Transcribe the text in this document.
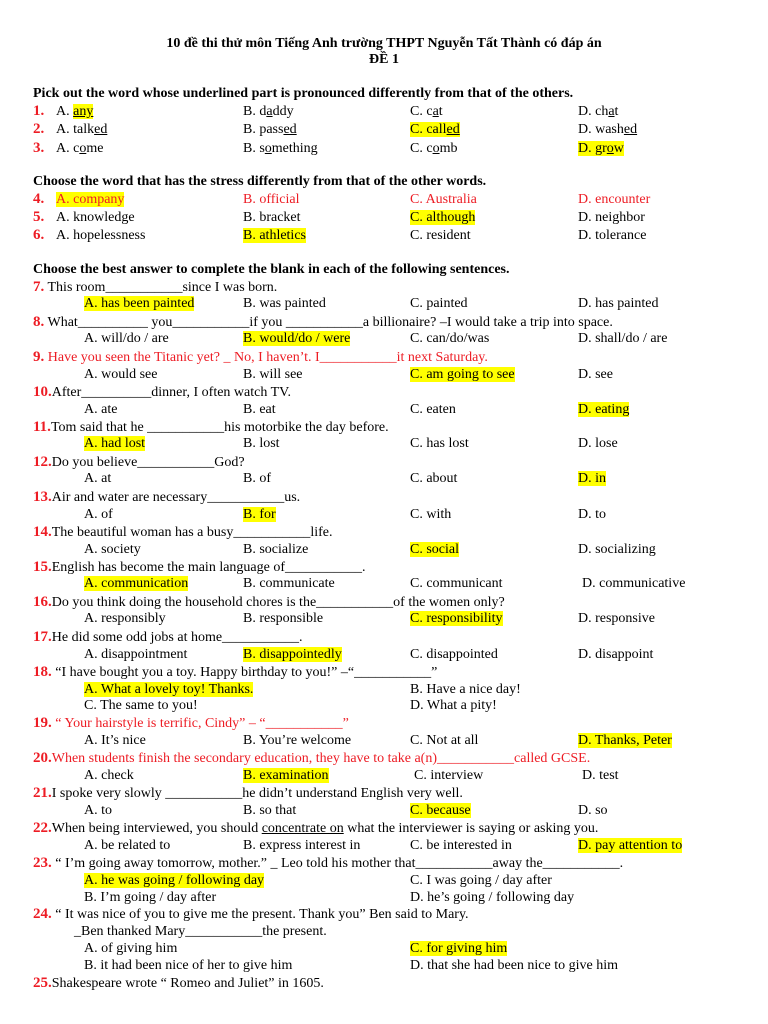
10 đề thi thử môn Tiếng Anh trường THPT Nguyễn Tất Thành có đáp án
ĐỀ 1
Pick out the word whose underlined part is pronounced differently from that of the others.
1. A. any	B. daddy	C. cat	D. chat
2. A. talked	B. passed	C. called	D. washed
3. A. come	B. something	C. comb	D. grow
Choose the word that has the stress differently from that of the other words.
4. A. company	B. official	C. Australia	D. encounter
5. A. knowledge	B. bracket	C. although	D. neighbor
6. A. hopelessness	B. athletics	C. resident	D. tolerance
Choose the best answer to complete the blank in each of the following sentences.
7. This room___________since I was born.
A. has been painted	B. was painted	C. painted	D. has painted
8. What__________ you___________if you ___________a billionaire? –I would take a trip into space.
A. will/do / are	B. would/do / were	C. can/do/was	D. shall/do / are
9. Have you seen the Titanic yet? _ No, I haven’t. I___________it next Saturday.
A. would see	B. will see	C. am going to see	D. see
10.After__________dinner, I often watch TV.
A. ate	B. eat	C. eaten	D. eating
11.Tom said that he ___________his motorbike the day before.
A. had lost	B. lost	C. has lost	D. lose
12.Do you believe___________God?
A. at	B. of	C. about	D. in
13.Air and water are necessary___________us.
A. of	B. for	C. with	D. to
14.The beautiful woman has a busy___________life.
A. society	B. socialize	C. social	D. socializing
15.English has become the main language of___________.
A. communication	B. communicate	C. communicant	D. communicative
16.Do you think doing the household chores is the___________of the women only?
A. responsibly	B. responsible	C. responsibility	D. responsive
17.He did some odd jobs at home___________.
A. disappointment	B. disappointedly	C. disappointed	D. disappoint
18. “I have bought you a toy. Happy birthday to you!” –“___________”
A. What a lovely toy! Thanks.	B. Have a nice day!
C. The same to you!	D. What a pity!
19. “ Your hairstyle is terrific, Cindy” – “___________”
A. It’s nice	B. You’re welcome	C. Not at all	D. Thanks, Peter
20.When students finish the secondary education, they have to take a(n)___________called GCSE.
A. check	B. examination	C. interview	D. test
21.I spoke very slowly ___________he didn’t understand English very well.
A. to	B. so that	C. because	D. so
22.When being interviewed, you should concentrate on what the interviewer is saying or asking you.
A. be related to	B. express interest in	C. be interested in	D. pay attention to
23. “ I’m going away tomorrow, mother.” _ Leo told his mother that___________away the___________.
A. he was going / following day	C. I was going / day after
B. I’m going / day after	D. he’s going / following day
24. “ It was nice of you to give me the present. Thank you” Ben said to Mary.
_Ben thanked Mary___________the present.
A. of giving him	C. for giving him
B. it had been nice of her to give him	D. that she had been nice to give him
25.Shakespeare wrote “ Romeo and Juliet” in 1605.
